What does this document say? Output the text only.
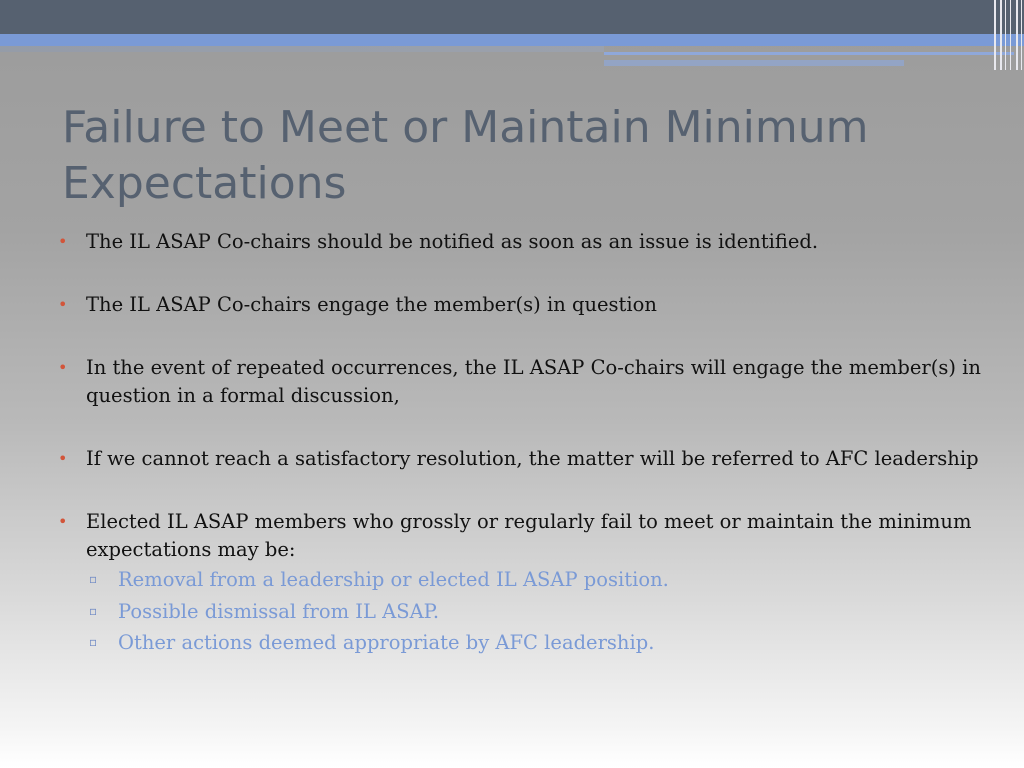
Failure to Meet or Maintain Minimum Expectations
• The IL ASAP Co-chairs should be notified as soon as an issue is identified.
• The IL ASAP Co-chairs engage the member(s) in question
• In the event of repeated occurrences, the IL ASAP Co-chairs will engage the member(s) in question in a formal discussion,
• If we cannot reach a satisfactory resolution, the matter will be referred to AFC leadership
• Elected IL ASAP members who grossly or regularly fail to meet or maintain the minimum expectations may be:
▫ Removal from a leadership or elected IL ASAP position.
▫ Possible dismissal from IL ASAP.
▫ Other actions deemed appropriate by AFC leadership.
